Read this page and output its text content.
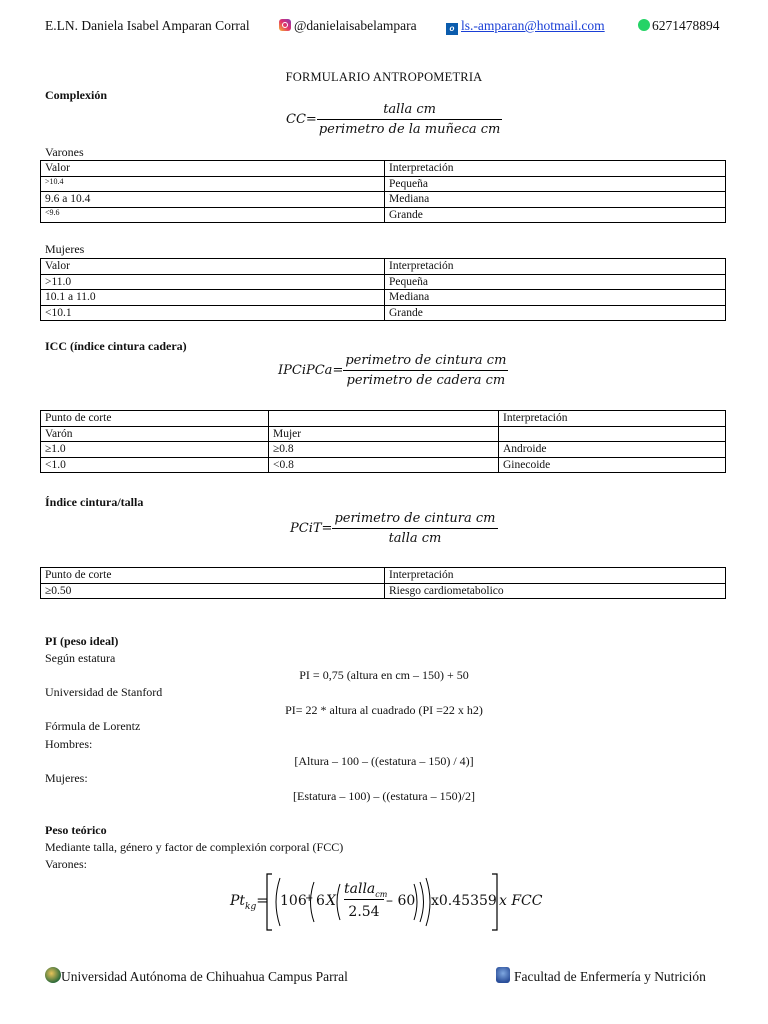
E.LN. Daniela Isabel Amparan Corral	@danielaisabelampara	o ls.-amparan@hotmail.com	6271478894
FORMULARIO ANTROPOMETRIA
Complexión
$CC= \frac{\text{talla cm}}{\text{perimetro de la muñeca cm}}$
Varones
Valor	Interpretación
>10.4	Pequeña
9.6 a 10.4	Mediana
<9.6	Grande
Mujeres
Valor	Interpretación
>11.0	Pequeña
10.1 a 11.0	Mediana
<10.1	Grande
ICC (índice cintura cadera)
IPCiPCa= $\frac{\text{perimetro de cintura cm}}{\text{perimetro de cadera cm}}$
Punto de corte		Interpretación
Varón	Mujer	
≥1.0	≥0.8	Androide
<1.0	<0.8	Ginecoide
Índice cintura/talla
PCiT= $\frac{\text{perimetro de cintura cm}}{\text{talla cm}}$
Punto de corte	Interpretación
≥0.50	Riesgo cardiometabolico
PI (peso ideal)
Según estatura
PI = 0,75 (altura en cm – 150) + 50
Universidad de Stanford
PI= 22 * altura al cuadrado (PI =22 x h2)
Fórmula de Lorentz
Hombres:
[Altura – 100 – ((estatura – 150) / 4)]
Mujeres:
[Estatura – 100) – ((estatura – 150)/2]
Peso teórico
Mediante talla, género y factor de complexión corporal (FCC)
Varones:
$Pt_{kg}= 106$
+ 6 X
talla$_{cm}$
2.54
– 60 x0.45359 x FCC
Universidad Autónoma de Chihuahua Campus Parral	Facultad de Enfermería y Nutrición
